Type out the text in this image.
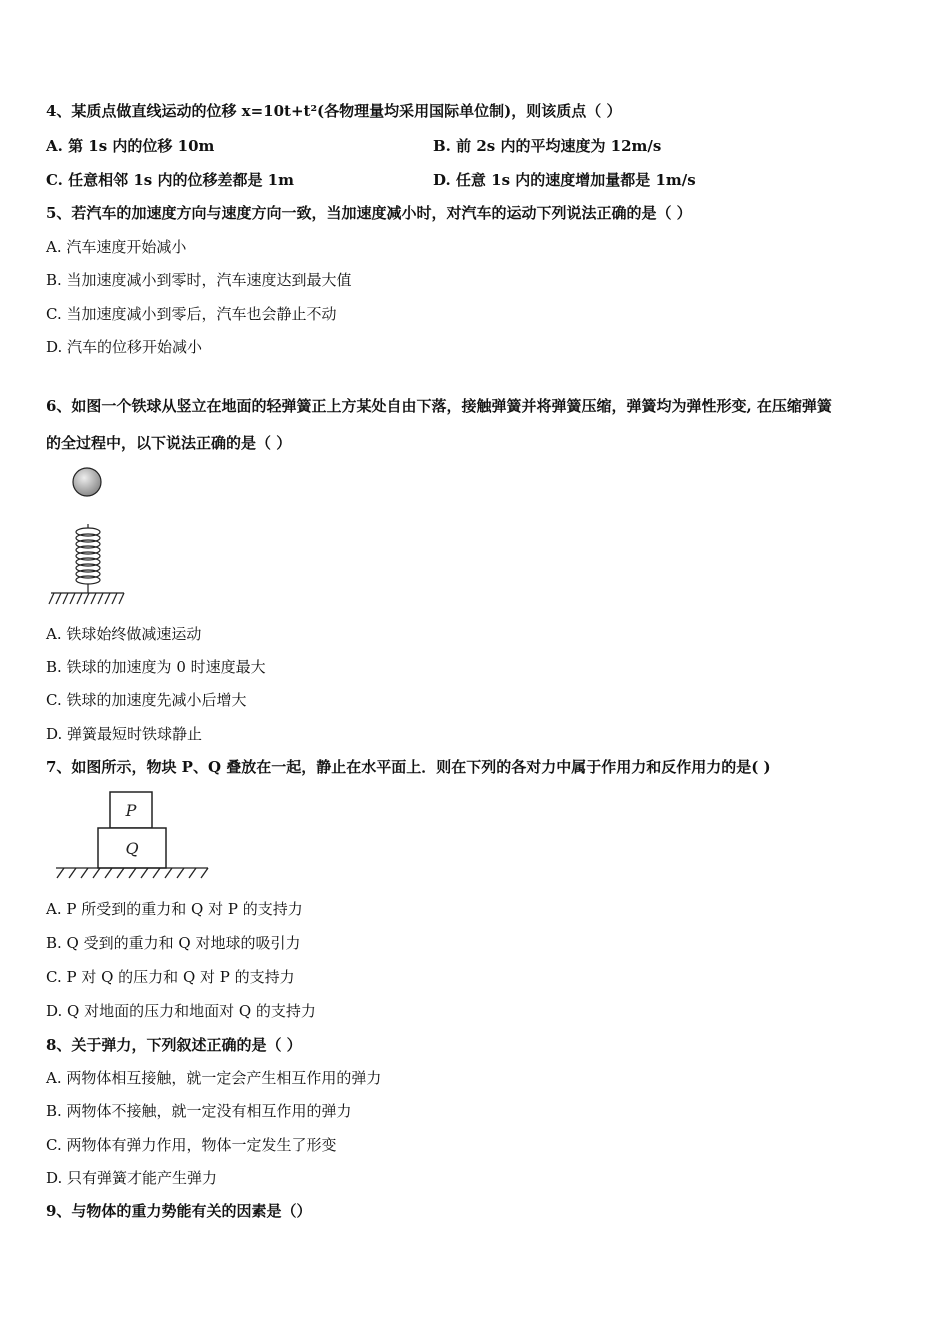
4、某质点做直线运动的位移 x=10t+t²(各物理量均采用国际单位制)，则该质点（ ）
A. 第 1s 内的位移 10m	B. 前 2s 内的平均速度为 12m/s
C. 任意相邻 1s 内的位移差都是 1m	D. 任意 1s 内的速度增加量都是 1m/s
5、若汽车的加速度方向与速度方向一致，当加速度减小时，对汽车的运动下列说法正确的是（ ）
A. 汽车速度开始减小
B. 当加速度减小到零时，汽车速度达到最大值
C. 当加速度减小到零后，汽车也会静止不动
D. 汽车的位移开始减小
6、如图一个铁球从竖立在地面的轻弹簧正上方某处自由下落，接触弹簧并将弹簧压缩，弹簧均为弹性形变, 在压缩弹簧
的全过程中，以下说法正确的是（ ）
A. 铁球始终做减速运动
B. 铁球的加速度为 0 时速度最大
C. 铁球的加速度先减小后增大
D. 弹簧最短时铁球静止
7、如图所示，物块 P、Q 叠放在一起，静止在水平面上．则在下列的各对力中属于作用力和反作用力的是( )
P
Q
A. P 所受到的重力和 Q 对 P 的支持力
B. Q 受到的重力和 Q 对地球的吸引力
C. P 对 Q 的压力和 Q 对 P 的支持力
D. Q 对地面的压力和地面对 Q 的支持力
8、关于弹力，下列叙述正确的是（ ）
A. 两物体相互接触，就一定会产生相互作用的弹力
B. 两物体不接触，就一定没有相互作用的弹力
C. 两物体有弹力作用，物体一定发生了形变
D. 只有弹簧才能产生弹力
9、与物体的重力势能有关的因素是（）
